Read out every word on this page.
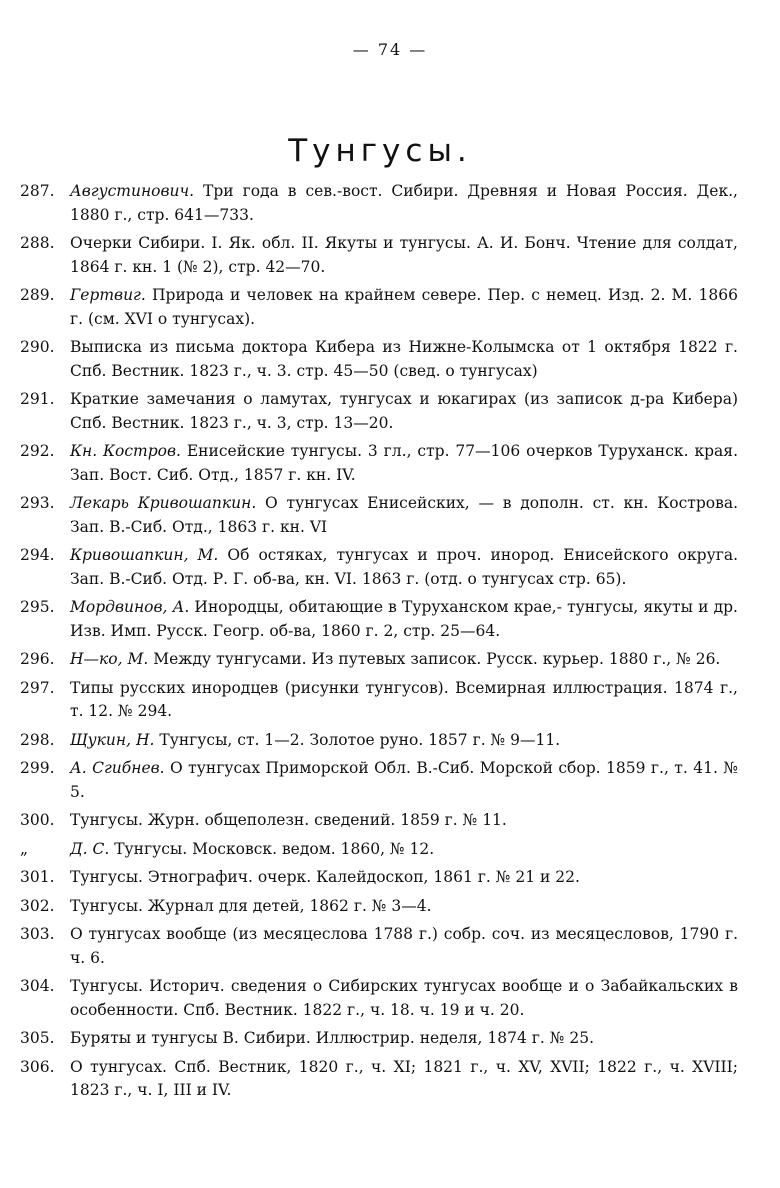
— 74 —
Тунгусы.
287. Августинович. Три года в сев.-вост. Сибири. Древняя и Новая Россия. Дек., 1880 г., стр. 641—733.
288. Очерки Сибири. І. Як. обл. II. Якуты и тунгусы. А. И. Бонч. Чтение для солдат, 1864 г. кн. 1 (№ 2), стр. 42—70.
289. Гертвиг. Природа и человек на крайнем севере. Пер. с немец. Изд. 2. М. 1866 г. (см. XVI о тунгусах).
290. Выписка из письма доктора Кибера из Нижне-Колымска от 1 октября 1822 г. Спб. Вестник. 1823 г., ч. 3. стр. 45—50 (свед. о тунгусах)
291. Краткие замечания о ламутах, тунгусах и юкагирах (из записок д-ра Кибера) Спб. Вестник. 1823 г., ч. 3, стр. 13—20.
292. Кн. Костров. Енисейские тунгусы. 3 гл., стр. 77—106 очерков Туруханск. края. Зап. Вост. Сиб. Отд., 1857 г. кн. IV.
293. Лекарь Кривошапкин. О тунгусах Енисейских, — в дополн. ст. кн. Кострова. Зап. В.-Сиб. Отд., 1863 г. кн. VI
294. Кривошапкин, М. Об остяках, тунгусах и проч. инород. Енисейского округа. Зап. В.-Сиб. Отд. Р. Г. об-ва, кн. VI. 1863 г. (отд. о тунгусах стр. 65).
295. Мордвинов, А. Инородцы, обитающие в Туруханском крае,- тунгусы, якуты и др. Изв. Имп. Русск. Геогр. об-ва, 1860 г. 2, стр. 25—64.
296. Н—ко, М. Между тунгусами. Из путевых записок. Русск. курьер. 1880 г., № 26.
297. Типы русских инородцев (рисунки тунгусов). Всемирная иллюстрация. 1874 г., т. 12. № 294.
298. Щукин, Н. Тунгусы, ст. 1—2. Золотое руно. 1857 г. № 9—11.
299. А. Сгибнев. О тунгусах Приморской Обл. В.-Сиб. Морской сбор. 1859 г., т. 41. № 5.
300. Тунгусы. Журн. общеполезн. сведений. 1859 г. № 11.
„	Д. С. Тунгусы. Московск. ведом. 1860, № 12.
301. Тунгусы. Этнографич. очерк. Калейдоскоп, 1861 г. № 21 и 22.
302. Тунгусы. Журнал для детей, 1862 г. № 3—4.
303. О тунгусах вообще (из месяцеслова 1788 г.) собр. соч. из месяцесловов, 1790 г. ч. 6.
304. Тунгусы. Историч. сведения о Сибирских тунгусах вообще и о Забайкальских в особенности. Спб. Вестник. 1822 г., ч. 18. ч. 19 и ч. 20.
305. Буряты и тунгусы В. Сибири. Иллюстрир. неделя, 1874 г. № 25.
306. О тунгусах. Спб. Вестник, 1820 г., ч. XI; 1821 г., ч. XV, XVII; 1822 г., ч. XVIII; 1823 г., ч. I, III и IV.
